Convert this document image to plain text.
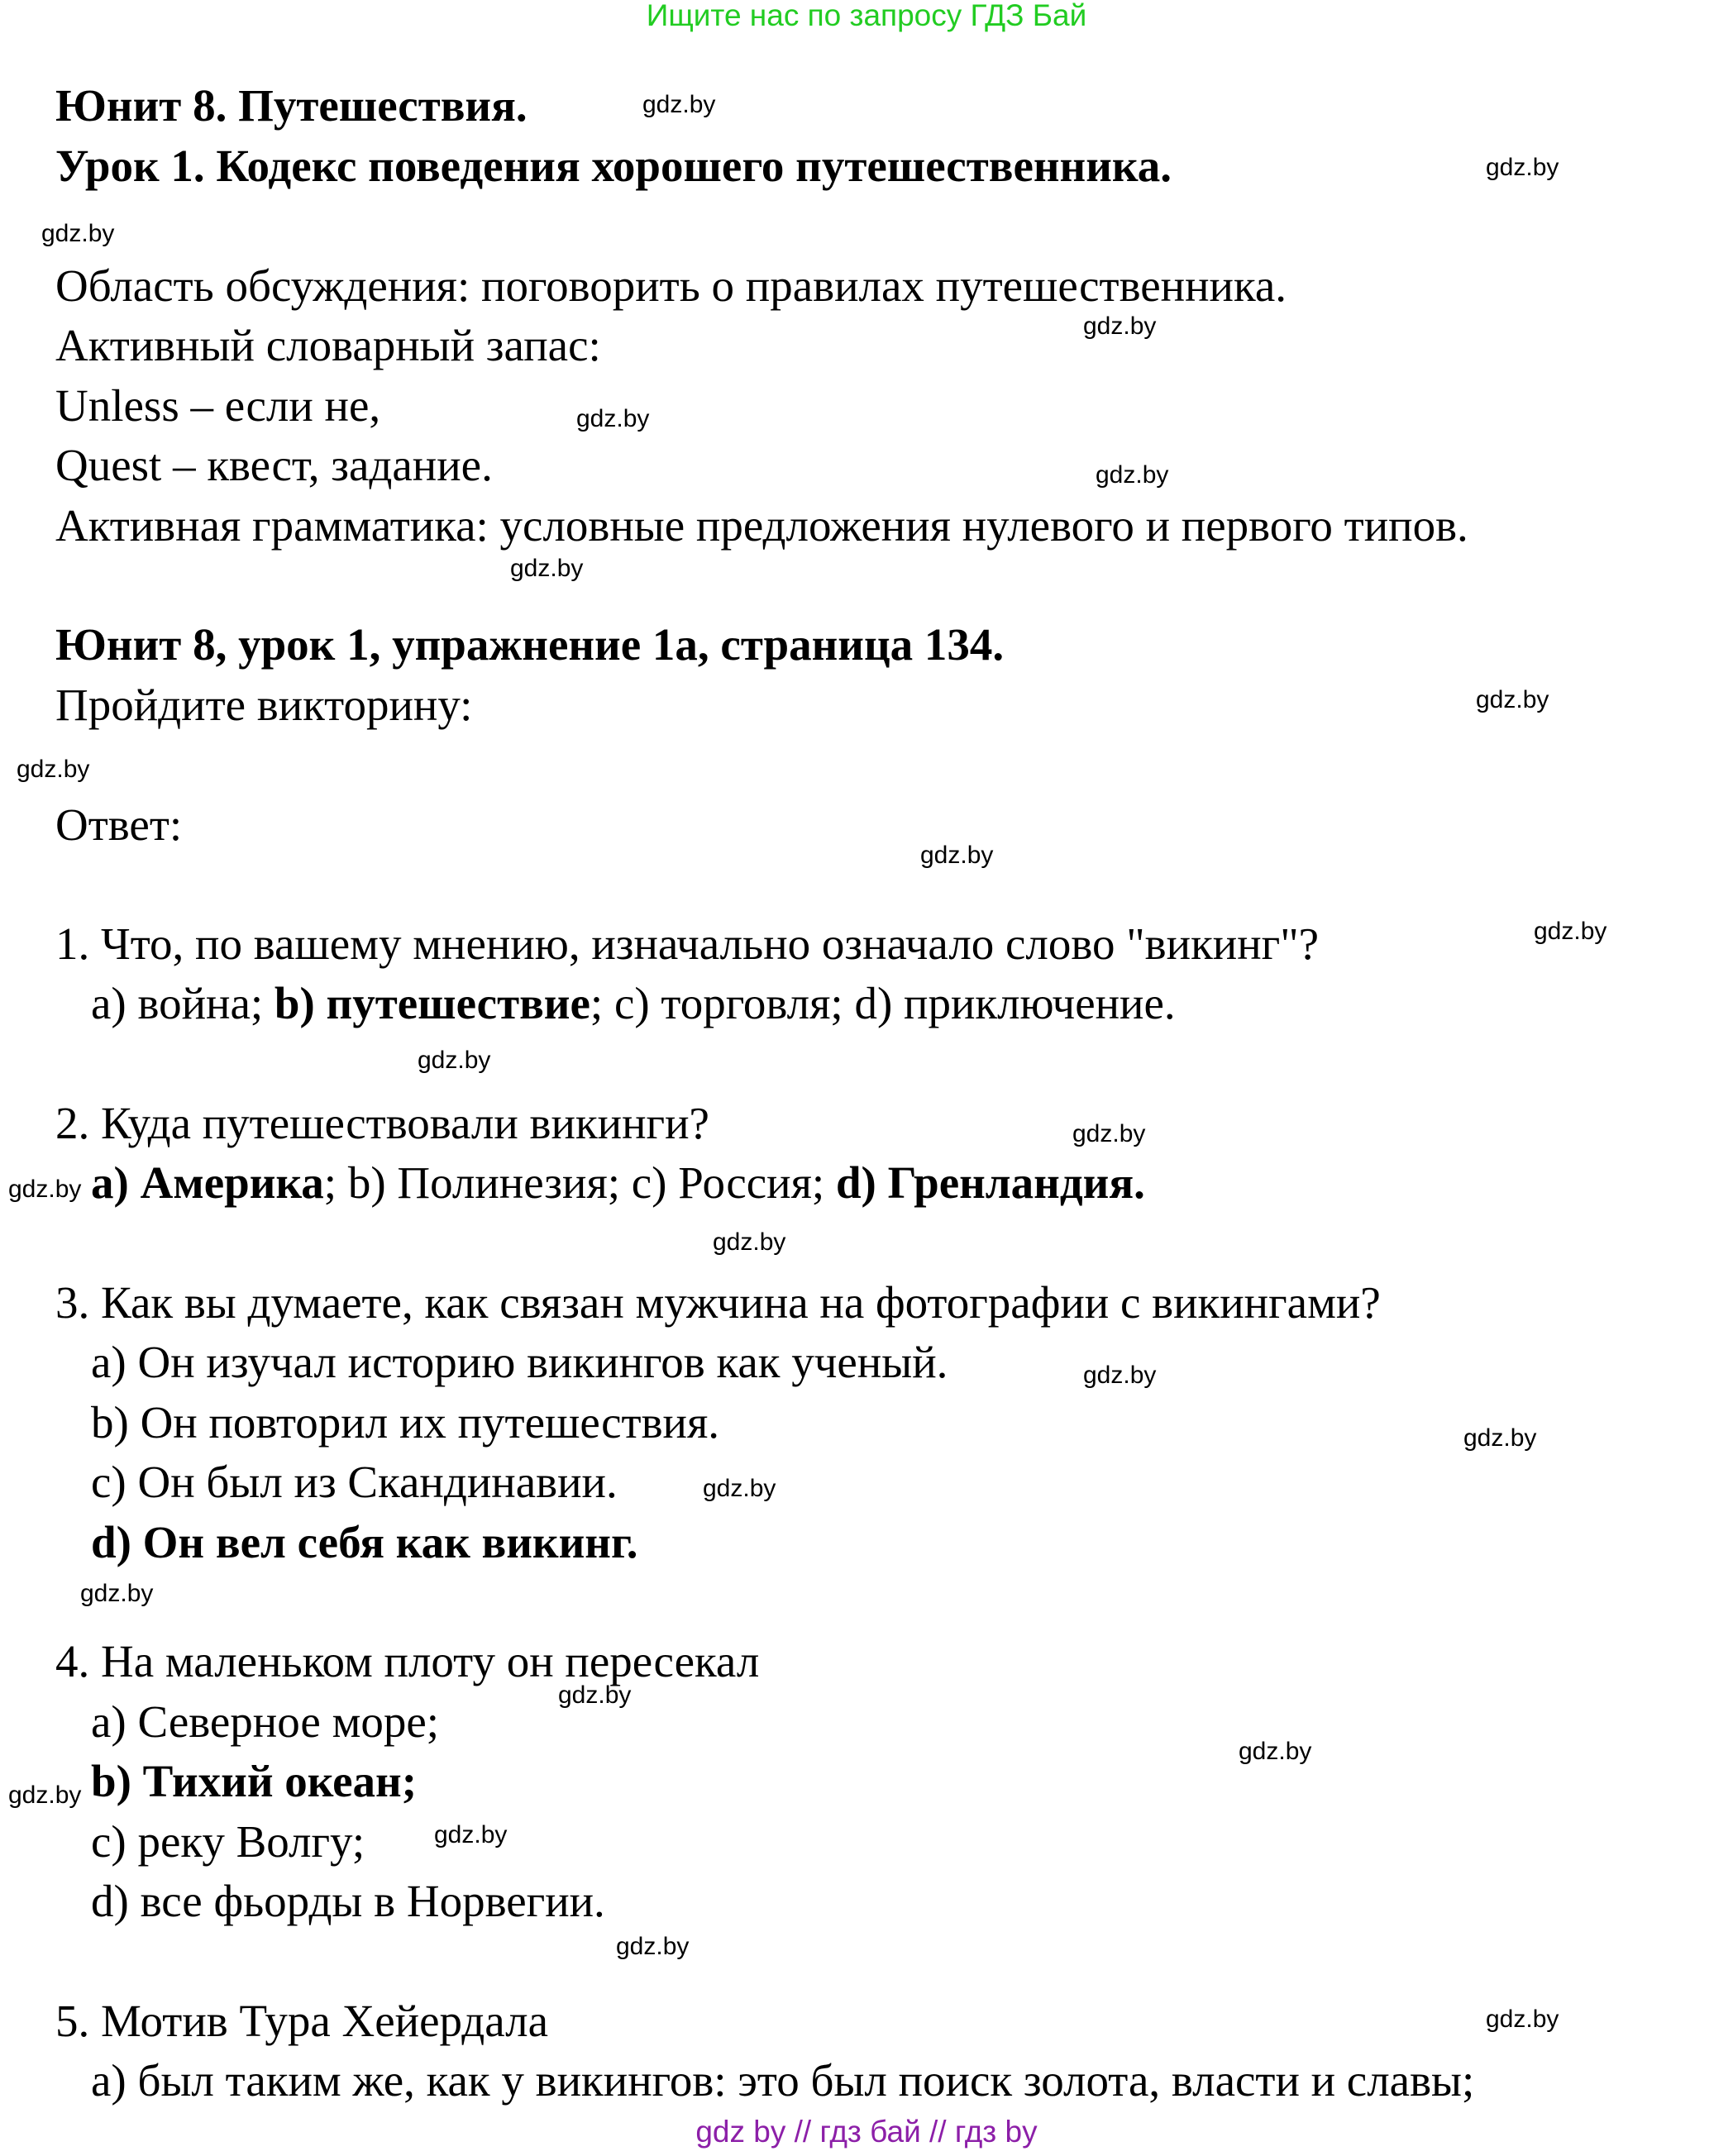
Ищите нас по запросу ГДЗ Бай
Юнит 8. Путешествия.
Урок 1. Кодекс поведения хорошего путешественника.
Область обсуждения: поговорить о правилах путешественника.
Активный словарный запас:
Unless – если не,
Quest – квест, задание.
Активная грамматика: условные предложения нулевого и первого типов.
Юнит 8, урок 1, упражнение 1а, страница 134.
Пройдите викторину:
Ответ:
1. Что, по вашему мнению, изначально означало слово "викинг"?
a) война; b) путешествие; c) торговля; d) приключение.
2. Куда путешествовали викинги?
a) Америка; b) Полинезия; c) Россия; d) Гренландия.
3. Как вы думаете, как связан мужчина на фотографии с викингами?
a) Он изучал историю викингов как ученый.
b) Он повторил их путешествия.
c) Он был из Скандинавии.
d) Он вел себя как викинг.
4. На маленьком плоту он пересекал
a) Северное море;
b) Тихий океан;
c) реку Волгу;
d) все фьорды в Норвегии.
5. Мотив Тура Хейердала
a) был таким же, как у викингов: это был поиск золота, власти и славы;
gdz.by
gdz.by
gdz.by
gdz.by
gdz.by
gdz.by
gdz.by
gdz.by
gdz.by
gdz.by
gdz.by
gdz.by
gdz.by
gdz.by
gdz.by
gdz.by
gdz.by
gdz.by
gdz.by
gdz.by
gdz.by
gdz.by
gdz.by
gdz.by
gdz.by
gdz by // гдз бай // гдз by
